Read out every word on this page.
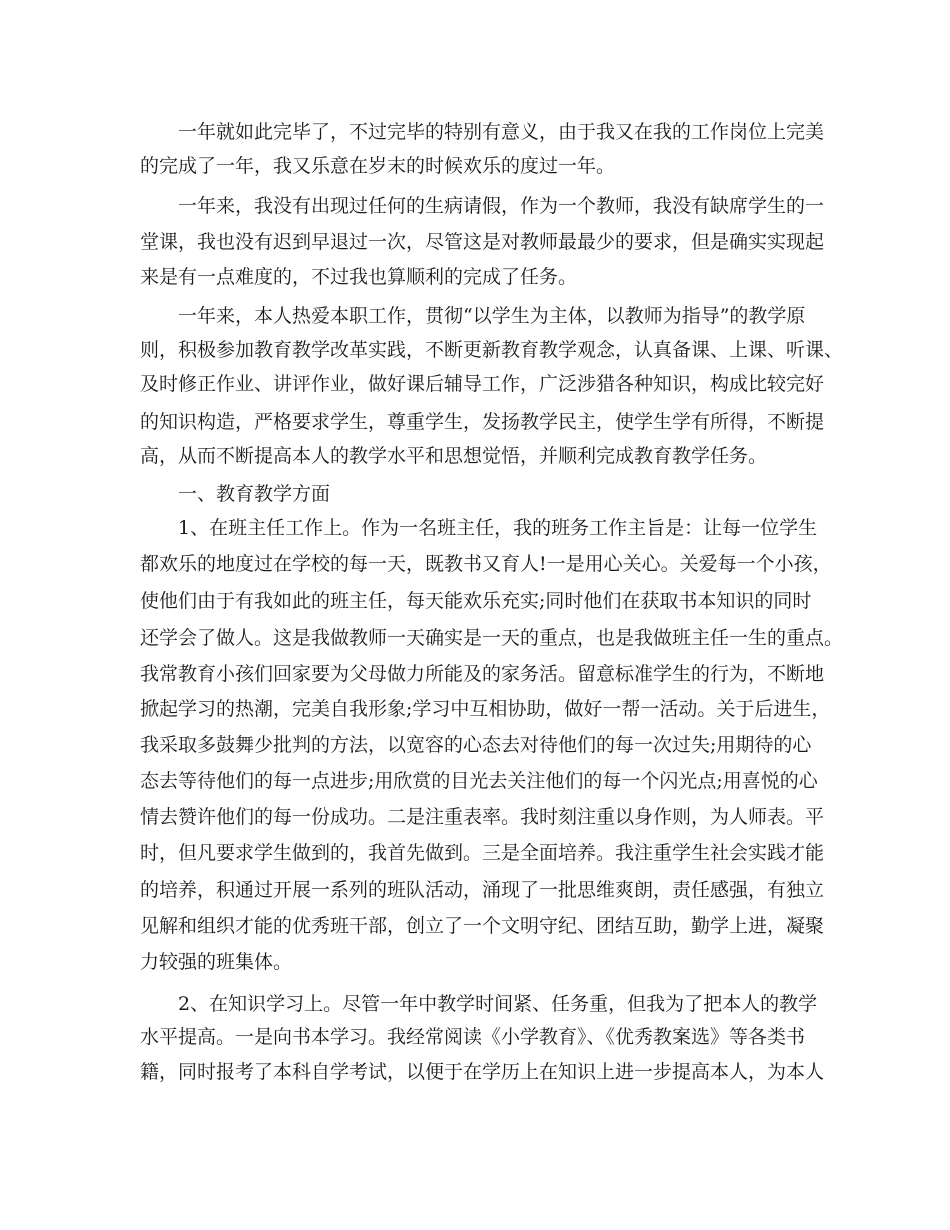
一年就如此完毕了，不过完毕的特别有意义，由于我又在我的工作岗位上完美
的完成了一年，我又乐意在岁末的时候欢乐的度过一年。
一年来，我没有出现过任何的生病请假，作为一个教师，我没有缺席学生的一
堂课，我也没有迟到早退过一次，尽管这是对教师最最少的要求，但是确实实现起
来是有一点难度的，不过我也算顺利的完成了任务。
一年来，本人热爱本职工作，贯彻“以学生为主体，以教师为指导”的教学原
则，积极参加教育教学改革实践，不断更新教育教学观念，认真备课、上课、听课、
及时修正作业、讲评作业，做好课后辅导工作，广泛涉猎各种知识，构成比较完好
的知识构造，严格要求学生，尊重学生，发扬教学民主，使学生学有所得，不断提
高，从而不断提高本人的教学水平和思想觉悟，并顺利完成教育教学任务。
一、教育教学方面
1、在班主任工作上。作为一名班主任，我的班务工作主旨是：让每一位学生
都欢乐的地度过在学校的每一天，既教书又育人!一是用心关心。关爱每一个小孩，
使他们由于有我如此的班主任，每天能欢乐充实;同时他们在获取书本知识的同时
还学会了做人。这是我做教师一天确实是一天的重点，也是我做班主任一生的重点。
我常教育小孩们回家要为父母做力所能及的家务活。留意标准学生的行为，不断地
掀起学习的热潮，完美自我形象;学习中互相协助，做好一帮一活动。关于后进生，
我采取多鼓舞少批判的方法，以宽容的心态去对待他们的每一次过失;用期待的心
态去等待他们的每一点进步;用欣赏的目光去关注他们的每一个闪光点;用喜悦的心
情去赞许他们的每一份成功。二是注重表率。我时刻注重以身作则，为人师表。平
时，但凡要求学生做到的，我首先做到。三是全面培养。我注重学生社会实践才能
的培养，积通过开展一系列的班队活动，涌现了一批思维爽朗，责任感强，有独立
见解和组织才能的优秀班干部，创立了一个文明守纪、团结互助，勤学上进，凝聚
力较强的班集体。
2、在知识学习上。尽管一年中教学时间紧、任务重，但我为了把本人的教学
水平提高。一是向书本学习。我经常阅读《小学教育》、《优秀教案选》等各类书
籍，同时报考了本科自学考试，以便于在学历上在知识上进一步提高本人，为本人
